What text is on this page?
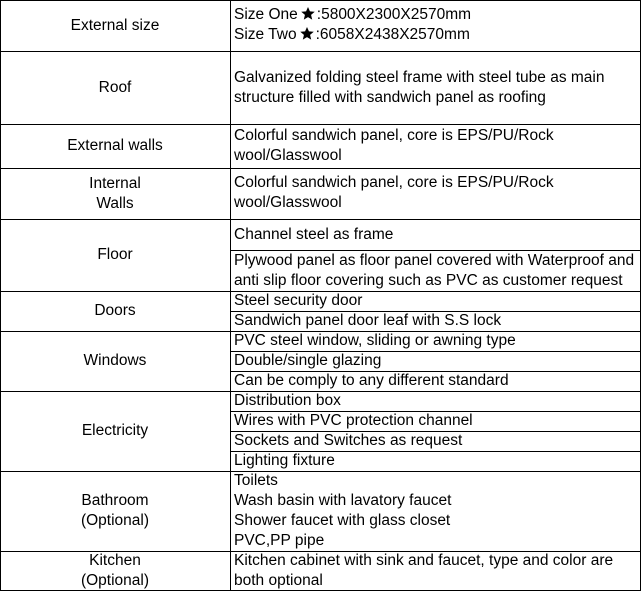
External size
Size One :5800X2300X2570mm
Size Two :6058X2438X2570mm
Roof
Galvanized folding steel frame with steel tube as main
structure filled with sandwich panel as roofing
External walls
Colorful sandwich panel, core is EPS/PU/Rock
wool/Glasswool
Internal
Walls
Colorful sandwich panel, core is EPS/PU/Rock
wool/Glasswool
Floor
Channel steel as frame
Plywood panel as floor panel covered with Waterproof and
anti slip floor covering such as PVC as customer request
Doors
Steel security door
Sandwich panel door leaf with S.S lock
Windows
PVC steel window, sliding or awning type
Double/single glazing
Can be comply to any different standard
Electricity
Distribution box
Wires with PVC protection channel
Sockets and Switches as request
Lighting fixture
Bathroom
(Optional)
Toilets
Wash basin with lavatory faucet
Shower faucet with glass closet
PVC,PP pipe
Kitchen
(Optional)
Kitchen cabinet with sink and faucet, type and color are
both optional
